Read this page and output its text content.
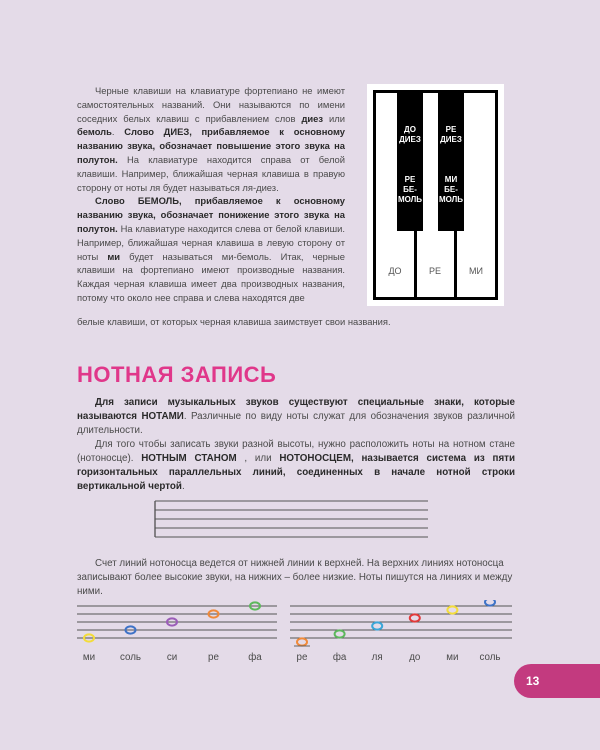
Черные клавиши на клавиатуре фортепиано не имеют самостоятельных названий. Они называются по имени соседних белых клавиш с прибавлением слов диез или бемоль. Слово ДИЕЗ, прибавляемое к основному названию звука, обозначает повышение этого звука на полутон. На клавиатуре находится справа от белой клавиши. Например, ближайшая черная клавиша в правую сторону от ноты ля будет называться ля-диез.

Слово БЕМОЛЬ, прибавляемое к основному названию звука, обозначает понижение этого звука на полутон. На клавиатуре находится слева от белой клавиши. Например, ближайшая черная клавиша в левую сторону от ноты ми будет называться ми-бемоль. Итак, черные клавиши на фортепиано имеют производные названия. Каждая черная клавиша имеет два производных названия, потому что около нее справа и слева находятся две

белые клавиши, от которых черная клавиша заимствует свои названия.
ДО
ДИЕЗ
РЕ
БЕ-
МОЛЬ
РЕ
ДИЕЗ
МИ
БЕ-
МОЛЬ
ДО	РЕ	МИ
НОТНАЯ ЗАПИСЬ

Для записи музыкальных звуков существуют специальные знаки, которые называются НОТАМИ. Различные по виду ноты служат для обозначения звуков различной длительности.

Для того чтобы записать звуки разной высоты, нужно расположить ноты на нотном стане (нотоносце). НОТНЫМ СТАНОМ , или НОТОНОСЦЕМ, называется система из пяти горизонтальных параллельных линий, соединенных в начале нотной строки вертикальной чертой.

Счет линий нотоносца ведется от нижней линии к верхней. На верхних линиях нотоносца записывают более высокие звуки, на нижних – более низкие. Ноты пишутся на линиях и между ними.

ми	соль	си	ре	фа	ре	фа	ля	до	ми соль
13
